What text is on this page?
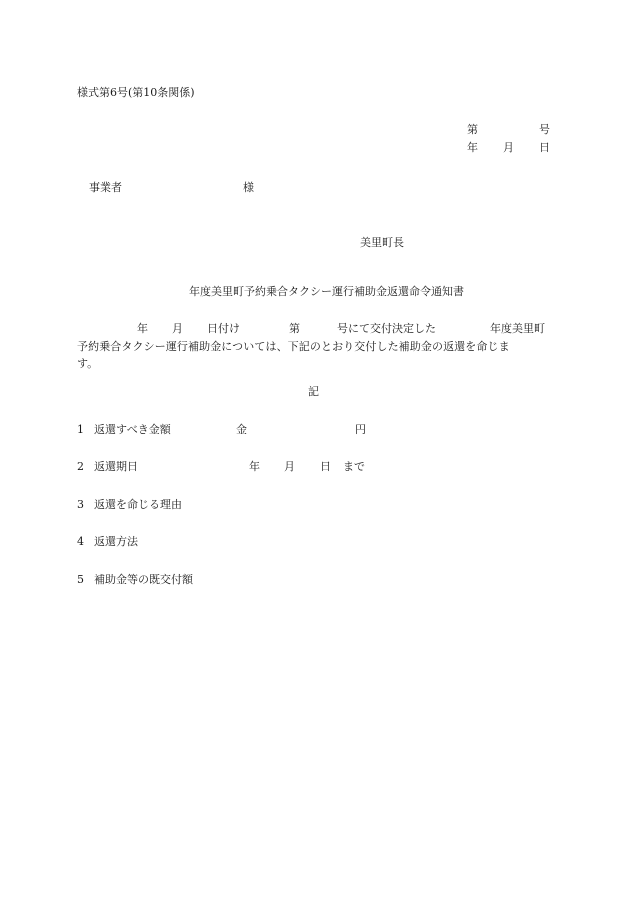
様式第6号(第10条関係)
第	号
年 月 日
事業者	様
美里町長
年度美里町予約乗合タクシー運行補助金返還命令通知書
年 月 日付け	第	号にて交付決定した	年度美里町
予約乗合タクシー運行補助金については、下記のとおり交付した補助金の返還を命じま
す。
記
1 返還すべき金額	金	円
2 返還期日	年 月 日 まで
3 返還を命じる理由
4 返還方法
5 補助金等の既交付額
